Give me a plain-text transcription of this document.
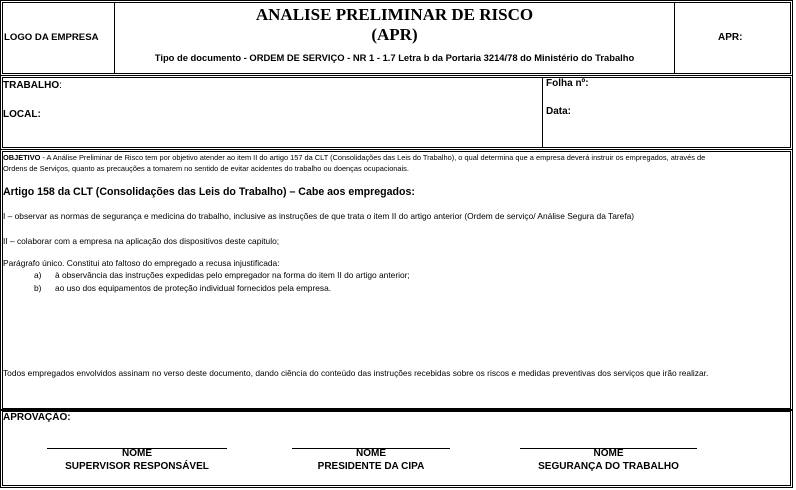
LOGO DA EMPRESA
ANALISE PRELIMINAR DE RISCO
(APR)
Tipo de documento - ORDEM DE SERVIÇO - NR 1 - 1.7 Letra b da Portaria 3214/78 do Ministério do Trabalho
APR:
TRABALHO:
LOCAL:
Folha nº:
Data:
OBJETIVO - A Análise Preliminar de Risco tem por objetivo atender ao item II do artigo 157 da CLT (Consolidações das Leis do Trabalho), o qual determina que a empresa deverá instruir os empregados, através de
Ordens de Serviços, quanto as precauções a tomarem no sentido de evitar acidentes do trabalho ou doenças ocupacionais.
Artigo 158 da CLT (Consolidações das Leis do Trabalho) – Cabe aos empregados:
I – observar as normas de segurança e medicina do trabalho, inclusive as instruções de que trata o item II do artigo anterior (Ordem de serviço/ Análise Segura da Tarefa)
II – colaborar com a empresa na aplicação dos dispositivos deste capitulo;
Parágrafo único. Constitui ato faltoso do empregado a recusa injustificada:
a) à observância das instruções expedidas pelo empregador na forma do item II do artigo anterior;
b) ao uso dos equipamentos de proteção individual fornecidos pela empresa.
Todos empregados envolvidos assinam no verso deste documento, dando ciência do conteúdo das instruções recebidas sobre os riscos e medidas preventivas dos serviços que irão realizar.
APROVAÇÃO:
NOME
SUPERVISOR RESPONSÁVEL
NOME
PRESIDENTE DA CIPA
NOME
SEGURANÇA DO TRABALHO
